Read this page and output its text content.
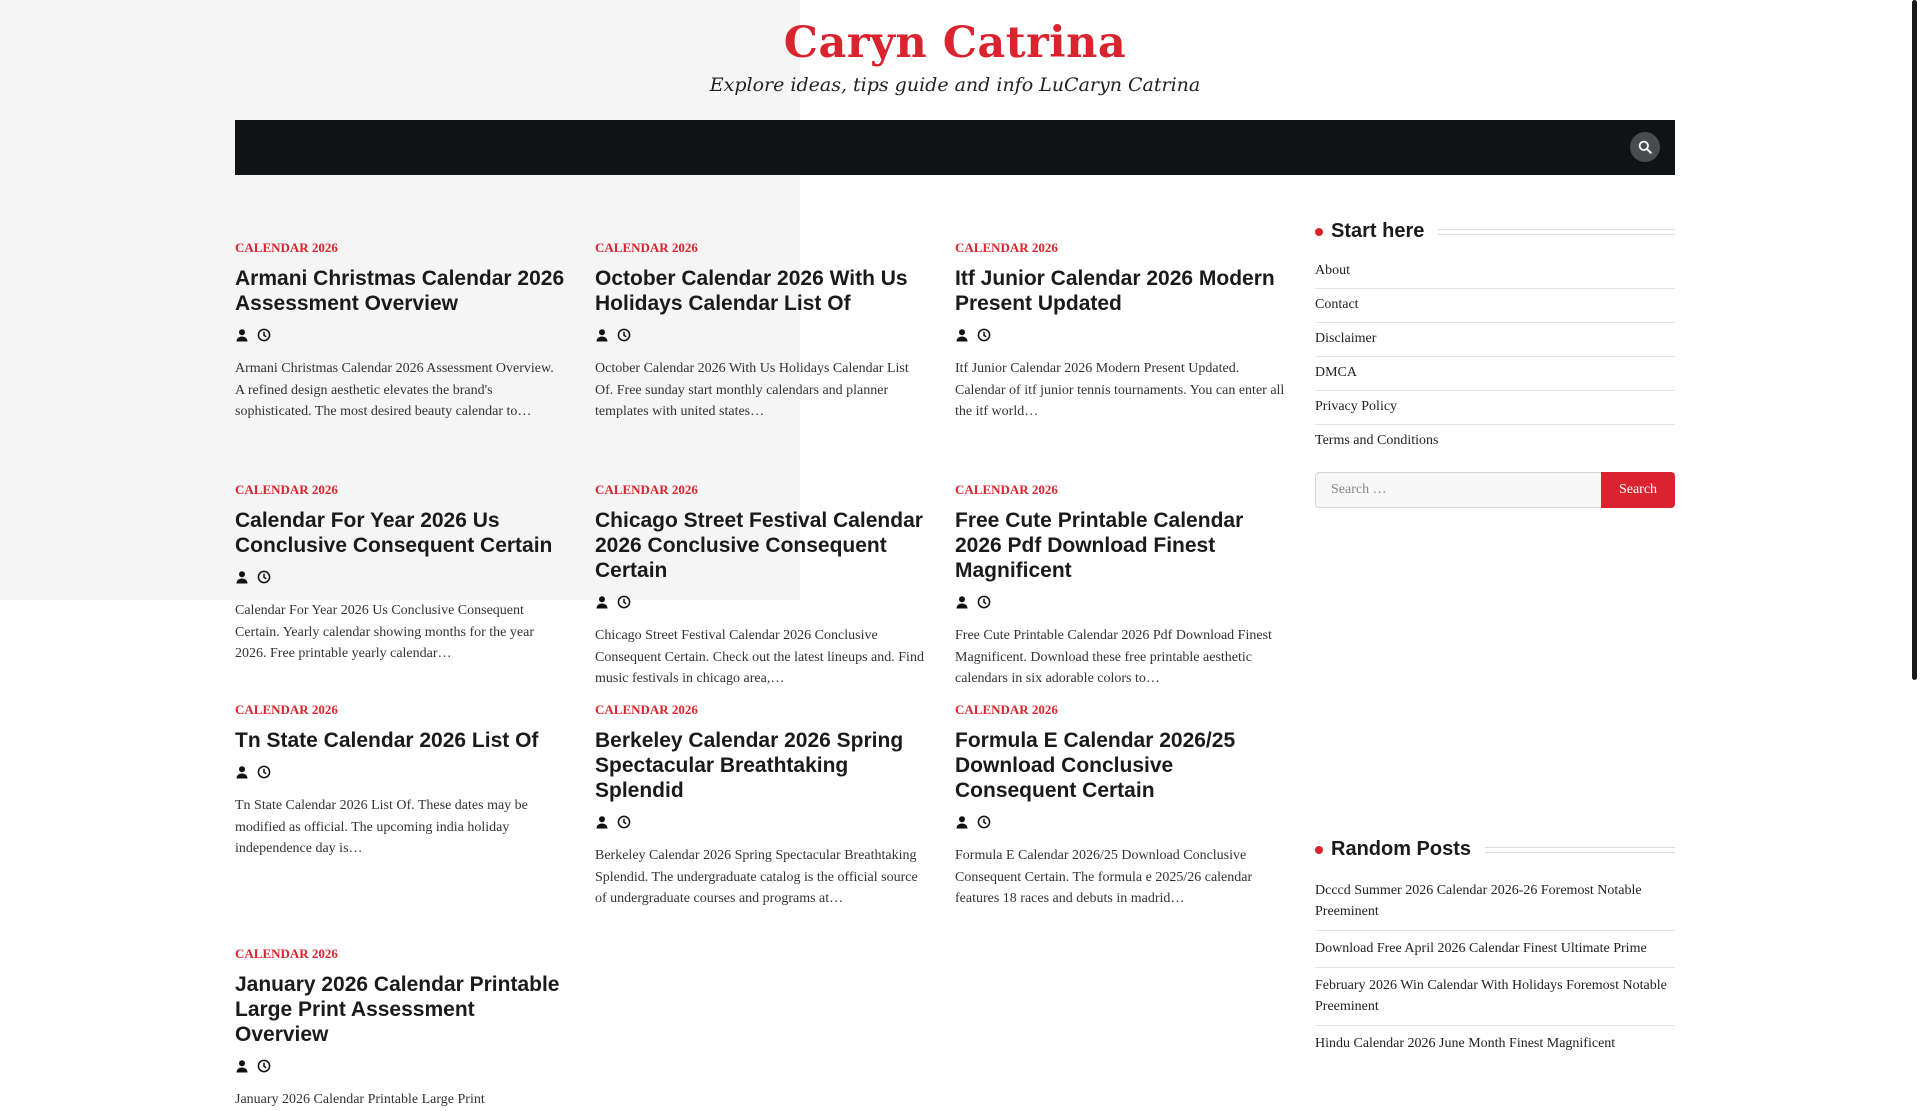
Caryn Catrina

Explore ideas, tips guide and info LuCaryn Catrina

CALENDAR 2026
Armani Christmas Calendar 2026 Assessment Overview

Armani Christmas Calendar 2026 Assessment Overview. A refined design aesthetic elevates the brand's sophisticated. The most desired beauty calendar to…

CALENDAR 2026
October Calendar 2026 With Us Holidays Calendar List Of

October Calendar 2026 With Us Holidays Calendar List Of. Free sunday start monthly calendars and planner templates with united states…

CALENDAR 2026
Itf Junior Calendar 2026 Modern Present Updated

Itf Junior Calendar 2026 Modern Present Updated. Calendar of itf junior tennis tournaments. You can enter all the itf world…

CALENDAR 2026
Calendar For Year 2026 Us Conclusive Consequent Certain

Calendar For Year 2026 Us Conclusive Consequent Certain. Yearly calendar showing months for the year 2026. Free printable yearly calendar…

CALENDAR 2026
Chicago Street Festival Calendar 2026 Conclusive Consequent Certain

Chicago Street Festival Calendar 2026 Conclusive Consequent Certain. Check out the latest lineups and. Find music festivals in chicago area,…

CALENDAR 2026
Free Cute Printable Calendar 2026 Pdf Download Finest Magnificent

Free Cute Printable Calendar 2026 Pdf Download Finest Magnificent. Download these free printable aesthetic calendars in six adorable colors to…

CALENDAR 2026
Tn State Calendar 2026 List Of

Tn State Calendar 2026 List Of. These dates may be modified as official. The upcoming india holiday independence day is…

CALENDAR 2026
Berkeley Calendar 2026 Spring Spectacular Breathtaking Splendid

Berkeley Calendar 2026 Spring Spectacular Breathtaking Splendid. The undergraduate catalog is the official source of undergraduate courses and programs at…

CALENDAR 2026
Formula E Calendar 2026/25 Download Conclusive Consequent Certain

Formula E Calendar 2026/25 Download Conclusive Consequent Certain. The formula e 2025/26 calendar features 18 races and debuts in madrid…

CALENDAR 2026
January 2026 Calendar Printable Large Print Assessment Overview

January 2026 Calendar Printable Large Print

Start here
About
Contact
Disclaimer
DMCA
Privacy Policy
Terms and Conditions
Search …
Search
Random Posts
Dcccd Summer 2026 Calendar 2026-26 Foremost Notable Preeminent
Download Free April 2026 Calendar Finest Ultimate Prime
February 2026 Win Calendar With Holidays Foremost Notable Preeminent
Hindu Calendar 2026 June Month Finest Magnificent
